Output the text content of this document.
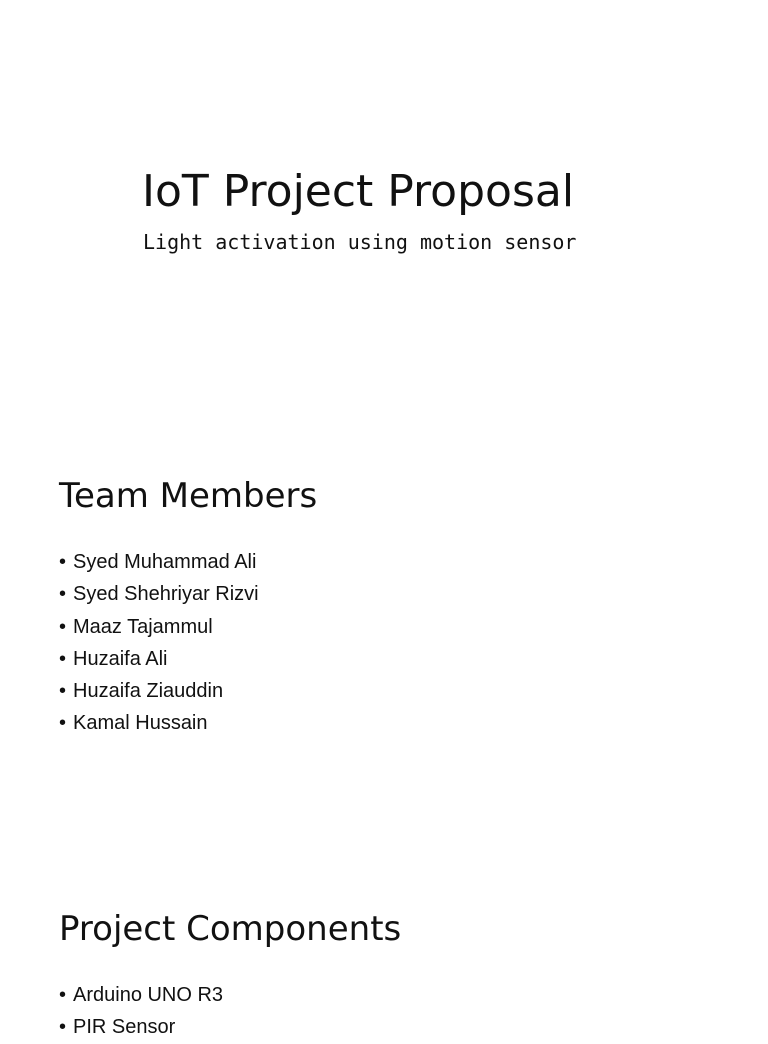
IoT Project Proposal

Light activation using motion sensor

Team Members
• Syed Muhammad Ali
• Syed Shehriyar Rizvi
• Maaz Tajammul
• Huzaifa Ali
• Huzaifa Ziauddin
• Kamal Hussain
Project Components
• Arduino UNO R3
• PIR Sensor
